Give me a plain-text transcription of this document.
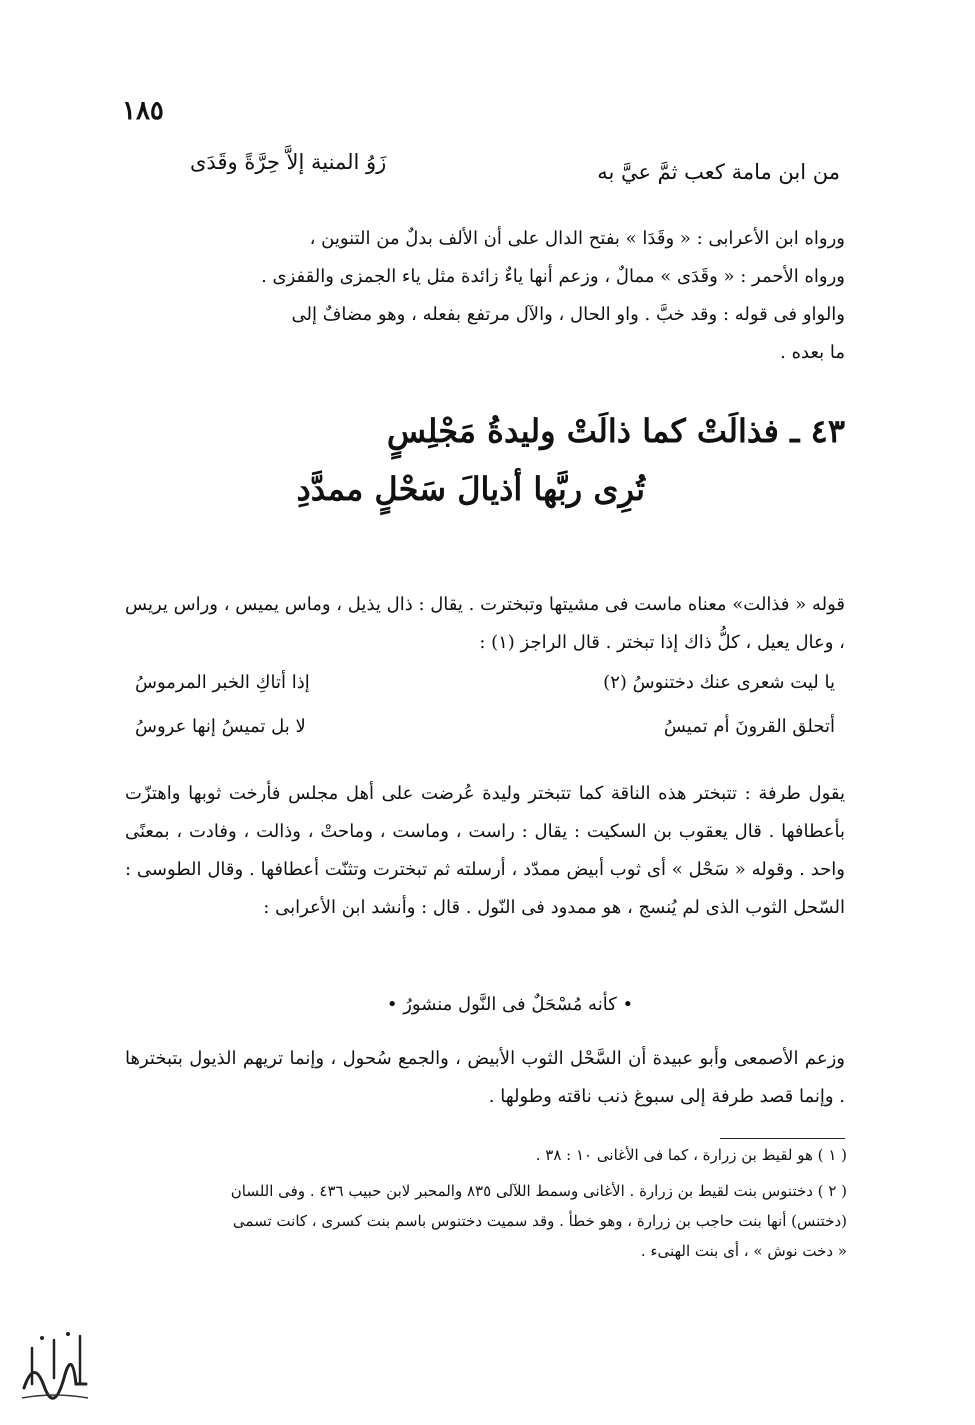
١٨٥
من ابن مامة كعب ثمَّ عيَّ به
زَوُ المنية إلاَّ حِرَّةً وقَدَى
ورواه ابن الأعرابى : « وقَدَا » بفتح الدال على أن الألف بدلٌ من التنوين ،
ورواه الأحمر : « وقَدَى » ممالٌ ، وزعم أنها ياءٌ زائدة مثل ياء الجمزى والقفزى .
والواو فى قوله : وقد خبَّ . واو الحال ، والآل مرتفع بفعله ، وهو مضافٌ إلى
ما بعده .
٤٣ ـ فذالَتْ كما ذالَتْ وليدةُ مَجْلِسٍ
تُرِى ربَّها أذيالَ سَحْلٍ ممدَّدِ
قوله « فذالت» معناه ماست فى مشيتها وتبخترت . يقال : ذال يذيل ، وماس يميس ، وراس يريس ، وعال يعيل ، كلُّ ذاك إذا تبختر . قال الراجز (١) :
يا ليت شعرى عنك دختنوسُ (٢)
إذا أتاكِ الخبر المرموسُ
أتحلق القرونَ أم تميسُ
لا بل تميسُ إنها عروسُ
يقول طرفة : تتبختر هذه الناقة كما تتبختر وليدة عُرضت على أهل مجلس فأرخت ثوبها واهتزّت بأعطافها . قال يعقوب بن السكيت : يقال : راست ، وماست ، وماحتْ ، وذالت ، وفادت ، بمعنًى واحد . وقوله « سَحْل » أى ثوب أبيض ممدّد ، أرسلته ثم تبخترت وتثنّت أعطافها . وقال الطوسى : السّحل الثوب الذى لم يُنسج ، هو ممدود فى النّول . قال : وأنشد ابن الأعرابى :
• كأنه مُسْحَلٌ فى النَّول منشورُ •
وزعم الأصمعى وأبو عبيدة أن السَّحْل الثوب الأبيض ، والجمع سُحول ، وإنما تريهم الذيول بتبخترها . وإنما قصد طرفة إلى سبوغ ذنب ناقته وطولها .
( ١ ) هو لقيط بن زرارة ، كما فى الأغانى ١٠ : ٣٨ .
( ٢ ) دختنوس بنت لقيط بن زرارة . الأغانى وسمط اللآلى ٨٣٥ والمحبر لابن حبيب ٤٣٦ . وفى اللسان
(دختنس) أنها بنت حاجب بن زرارة ، وهو خطأ . وقد سميت دختنوس باسم بنت كسرى ، كانت تسمى
« دخت نوش » ، أى بنت الهنىء .
